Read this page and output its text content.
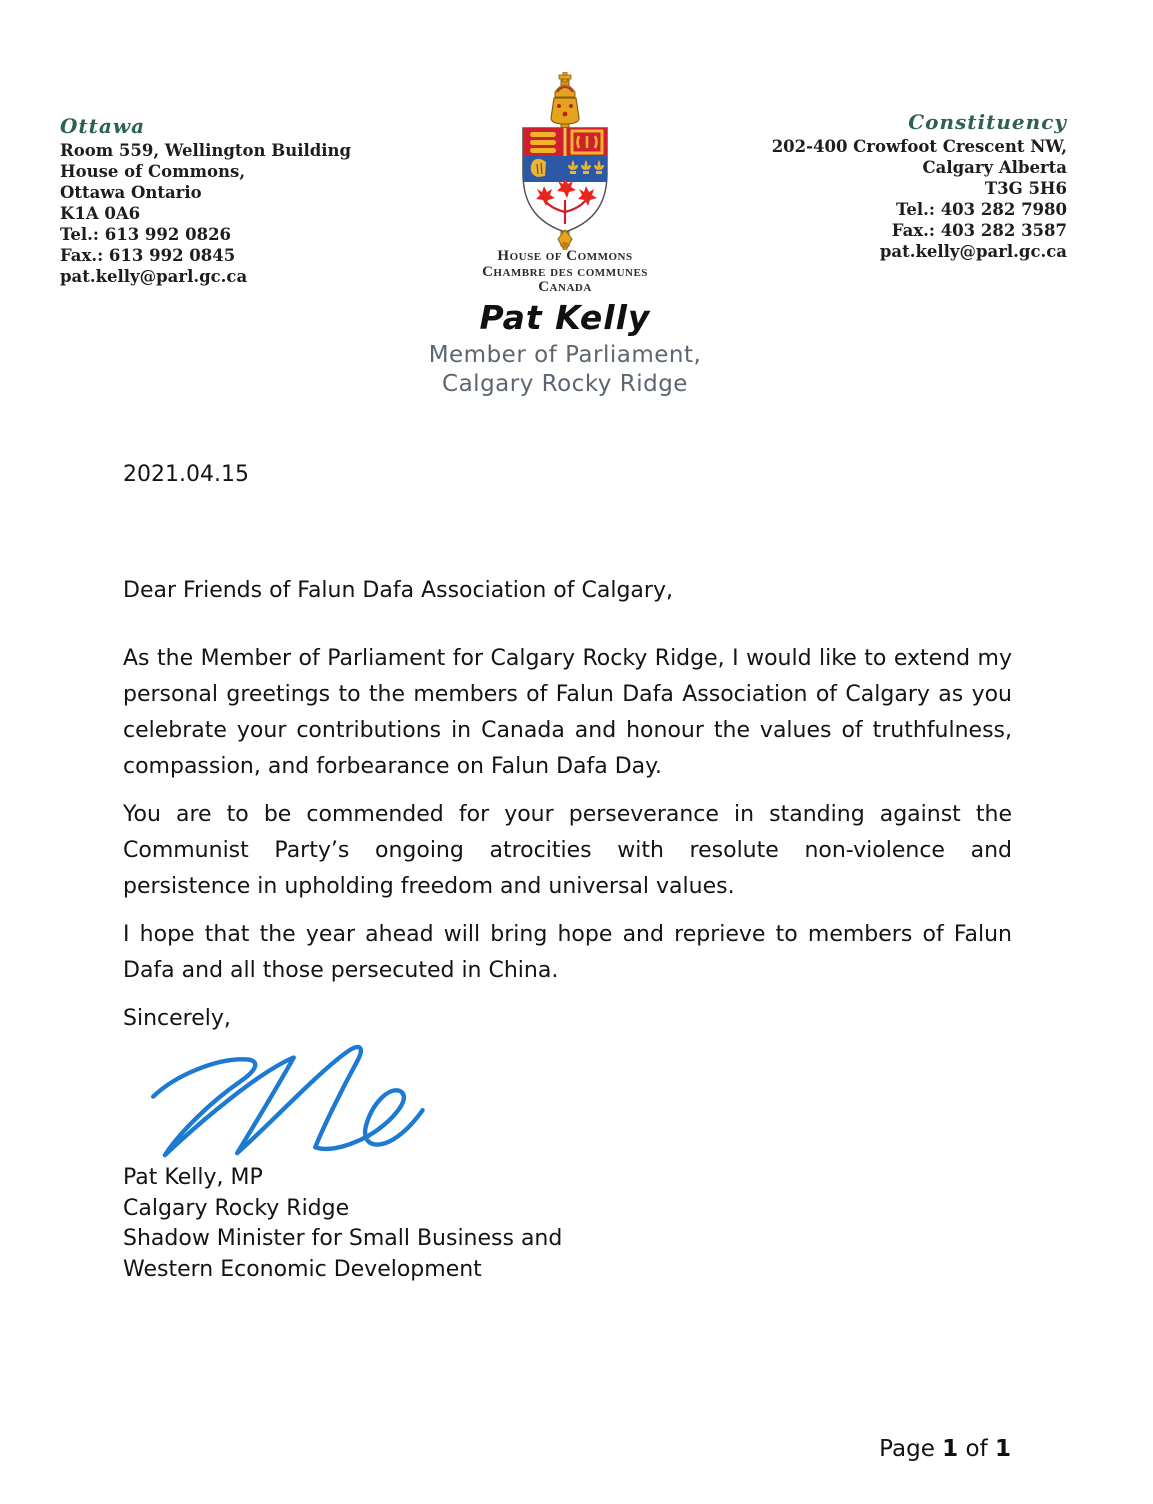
Ottawa
Room 559, Wellington Building
House of Commons,
Ottawa Ontario
K1A 0A6
Tel.: 613 992 0826
Fax.: 613 992 0845
pat.kelly@parl.gc.ca
Constituency
202-400 Crowfoot Crescent NW,
Calgary Alberta
T3G 5H6
Tel.: 403 282 7980
Fax.: 403 282 3587
pat.kelly@parl.gc.ca
House of Commons
Chambre des communes
Canada
Pat Kelly
Member of Parliament,
Calgary Rocky Ridge
2021.04.15

Dear Friends of Falun Dafa Association of Calgary,

As the Member of Parliament for Calgary Rocky Ridge, I would like to extend my personal greetings to the members of Falun Dafa Association of Calgary as you celebrate your contributions in Canada and honour the values of truthfulness, compassion, and forbearance on Falun Dafa Day.

You are to be commended for your perseverance in standing against the Communist Party’s ongoing atrocities with resolute non-violence and persistence in upholding freedom and universal values.

I hope that the year ahead will bring hope and reprieve to members of Falun Dafa and all those persecuted in China.

Sincerely,

Pat Kelly, MP
Calgary Rocky Ridge
Shadow Minister for Small Business and
Western Economic Development
Page 1 of 1
